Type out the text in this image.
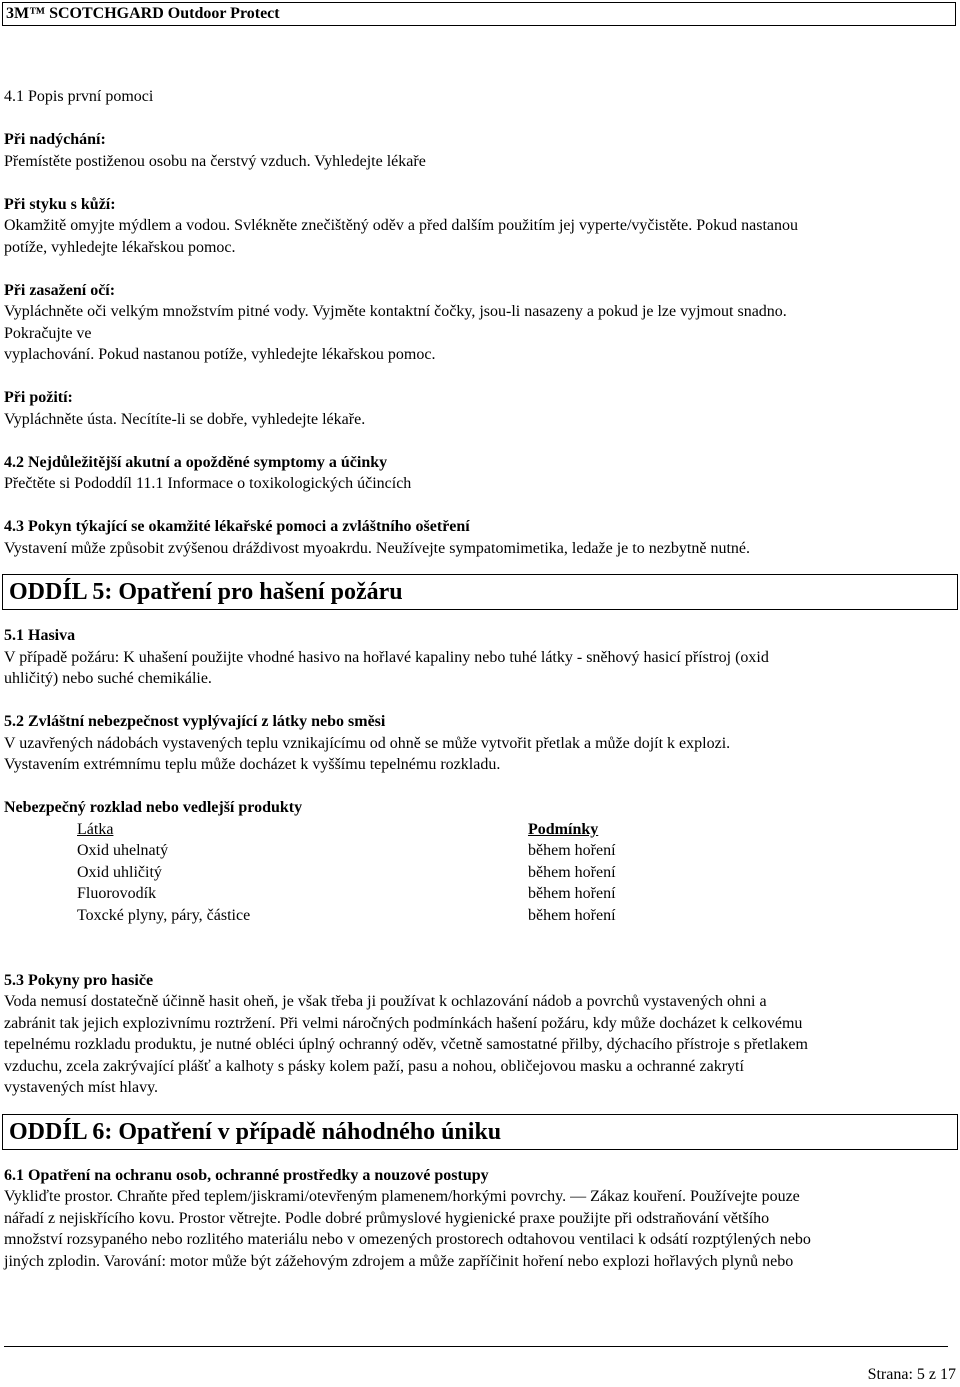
3M™ SCOTCHGARD Outdoor Protect

4.1 Popis první pomoci

Při nadýchání:

Přemístěte postiženou osobu na čerstvý vzduch. Vyhledejte lékaře

Při styku s kůží:

Okamžitě omyjte mýdlem a vodou. Svlékněte znečištěný oděv a před dalším použitím jej vyperte/vyčistěte. Pokud nastanou

potíže, vyhledejte lékařskou pomoc.

Při zasažení očí:

Vypláchněte oči velkým množstvím pitné vody. Vyjměte kontaktní čočky, jsou-li nasazeny a pokud je lze vyjmout snadno.

Pokračujte ve

vyplachování. Pokud nastanou potíže, vyhledejte lékařskou pomoc.

Při požití:

Vypláchněte ústa. Necítíte-li se dobře, vyhledejte lékaře.

4.2 Nejdůležitější akutní a opožděné symptomy a účinky

Přečtěte si Pododdíl 11.1 Informace o toxikologických účincích

4.3 Pokyn týkající se okamžité lékařské pomoci a zvláštního ošetření

Vystavení může způsobit zvýšenou dráždivost myoakrdu. Neužívejte sympatomimetika, ledaže je to nezbytně nutné.

ODDÍL 5: Opatření pro hašení požáru

5.1 Hasiva

V případě požáru: K uhašení použijte vhodné hasivo na hořlavé kapaliny nebo tuhé látky - sněhový hasicí přístroj (oxid

uhličitý) nebo suché chemikálie.

5.2 Zvláštní nebezpečnost vyplývající z látky nebo směsi

V uzavřených nádobách vystavených teplu vznikajícímu od ohně se může vytvořit přetlak a může dojít k explozi.

Vystavením extrémnímu teplu může docházet k vyššímu tepelnému rozkladu.

Nebezpečný rozklad nebo vedlejší produkty

Látka

Oxid uhelnatý

Oxid uhličitý

Fluorovodík

Toxcké plyny, páry, částice

Podmínky

během hoření

během hoření

během hoření

během hoření

5.3 Pokyny pro hasiče

Voda nemusí dostatečně účinně hasit oheň, je však třeba ji používat k ochlazování nádob a povrchů vystavených ohni a

zabránit tak jejich explozivnímu roztržení. Při velmi náročných podmínkách hašení požáru, kdy může docházet k celkovému

tepelnému rozkladu produktu, je nutné obléci úplný ochranný oděv, včetně samostatné přilby, dýchacího přístroje s přetlakem

vzduchu, zcela zakrývající plášť a kalhoty s pásky kolem paží, pasu a nohou, obličejovou masku a ochranné zakrytí

vystavených míst hlavy.

ODDÍL 6: Opatření v případě náhodného úniku

6.1 Opatření na ochranu osob, ochranné prostředky a nouzové postupy

Vykliďte prostor. Chraňte před teplem/jiskrami/otevřeným plamenem/horkými povrchy. — Zákaz kouření. Používejte pouze

nářadí z nejiskřícího kovu. Prostor větrejte. Podle dobré průmyslové hygienické praxe použijte při odstraňování většího

množství rozsypaného nebo rozlitého materiálu nebo v omezených prostorech odtahovou ventilaci k odsátí rozptýlených nebo

jiných zplodin. Varování: motor může být zážehovým zdrojem a může zapříčinit hoření nebo explozi hořlavých plynů nebo

Strana: 5 z 17
